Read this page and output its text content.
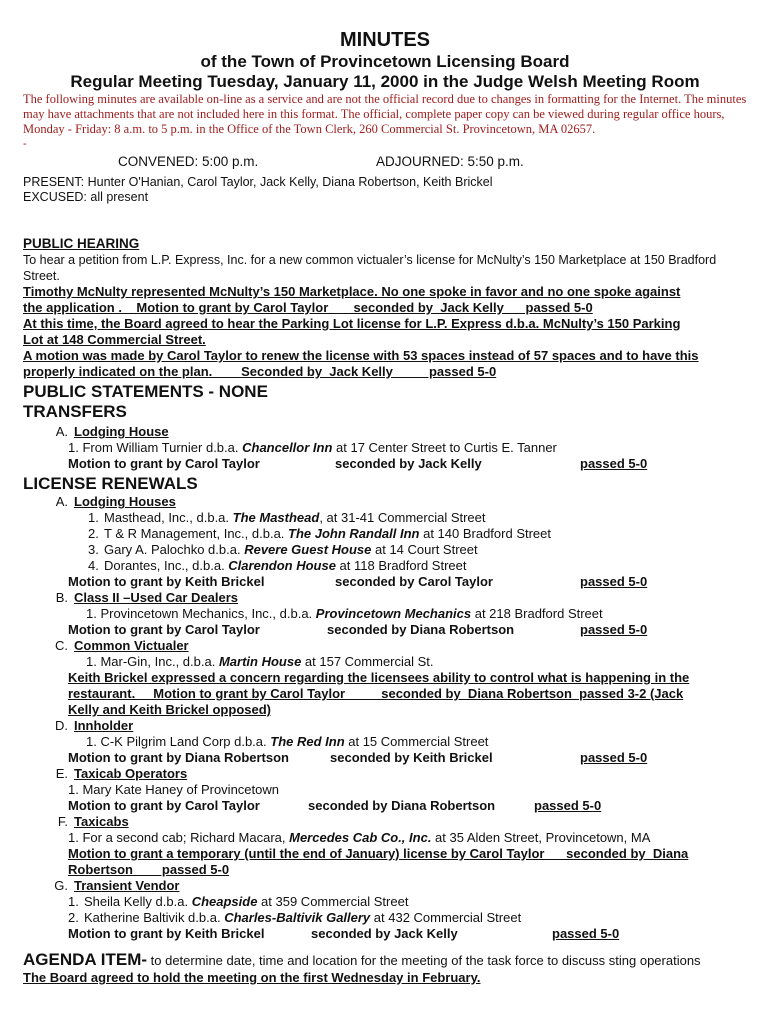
MINUTES
of the Town of Provincetown Licensing Board
Regular Meeting Tuesday, January 11, 2000 in the Judge Welsh Meeting Room
The following minutes are available on-line as a service and are not the official record due to changes in formatting for the Internet. The minutes may have attachments that are not included here in this format. The official, complete paper copy can be viewed during regular office hours, Monday - Friday: 8 a.m. to 5 p.m. in the Office of the Town Clerk, 260 Commercial St. Provincetown, MA 02657.
-
CONVENED: 5:00 p.m.	ADJOURNED: 5:50 p.m.
PRESENT: Hunter O'Hanian, Carol Taylor, Jack Kelly, Diana Robertson, Keith Brickel
EXCUSED: all present
PUBLIC HEARING
To hear a petition from L.P. Express, Inc. for a new common victualer’s license for McNulty’s 150 Marketplace at 150 Bradford Street.
Timothy McNulty represented McNulty’s 150 Marketplace. No one spoke in favor and no one spoke against
the application .    Motion to grant by Carol Taylor       seconded by  Jack Kelly      passed 5-0
At this time, the Board agreed to hear the Parking Lot license for L.P. Express d.b.a. McNulty’s 150 Parking
Lot at 148 Commercial Street.
A motion was made by Carol Taylor to renew the license with 53 spaces instead of 57 spaces and to have this
properly indicated on the plan.        Seconded by  Jack Kelly          passed 5-0
PUBLIC STATEMENTS - NONE
TRANSFERS
A. Lodging House
1. From William Turnier d.b.a. Chancellor Inn at 17 Center Street to Curtis E. Tanner
Motion to grant by Carol Taylor	seconded by Jack Kelly	passed 5-0
LICENSE RENEWALS
A. Lodging Houses
1. Masthead, Inc., d.b.a. The Masthead, at 31-41 Commercial Street
2. T & R Management, Inc., d.b.a. The John Randall Inn at 140 Bradford Street
3. Gary A. Palochko d.b.a. Revere Guest House at 14 Court Street
4. Dorantes, Inc., d.b.a. Clarendon House at 118 Bradford Street
Motion to grant by Keith Brickel	seconded by Carol Taylor	passed 5-0
B. Class II –Used Car Dealers
1. Provincetown Mechanics, Inc., d.b.a. Provincetown Mechanics at 218 Bradford Street
Motion to grant by Carol Taylor	seconded by Diana Robertson	passed 5-0
C. Common Victualer
1. Mar-Gin, Inc., d.b.a. Martin House at 157 Commercial St.
Keith Brickel expressed a concern regarding the licensees ability to control what is happening in the
restaurant.     Motion to grant by Carol Taylor          seconded by  Diana Robertson  passed 3-2 (Jack
Kelly and Keith Brickel opposed)
D. Innholder
1. C-K Pilgrim Land Corp d.b.a. The Red Inn at 15 Commercial Street
Motion to grant by Diana Robertson	seconded by Keith Brickel	passed 5-0
E. Taxicab Operators
1. Mary Kate Haney of Provincetown
Motion to grant by Carol Taylor	seconded by Diana Robertson	passed 5-0
F. Taxicabs
1. For a second cab; Richard Macara, Mercedes Cab Co., Inc. at 35 Alden Street, Provincetown, MA
Motion to grant a temporary (until the end of January) license by Carol Taylor      seconded by  Diana
Robertson        passed 5-0
G. Transient Vendor
1. Sheila Kelly d.b.a. Cheapside at 359 Commercial Street
2. Katherine Baltivik d.b.a. Charles-Baltivik Gallery at 432 Commercial Street
Motion to grant by Keith Brickel	seconded by Jack Kelly	passed 5-0
AGENDA ITEM- to determine date, time and location for the meeting of the task force to discuss sting operations
The Board agreed to hold the meeting on the first Wednesday in February.
